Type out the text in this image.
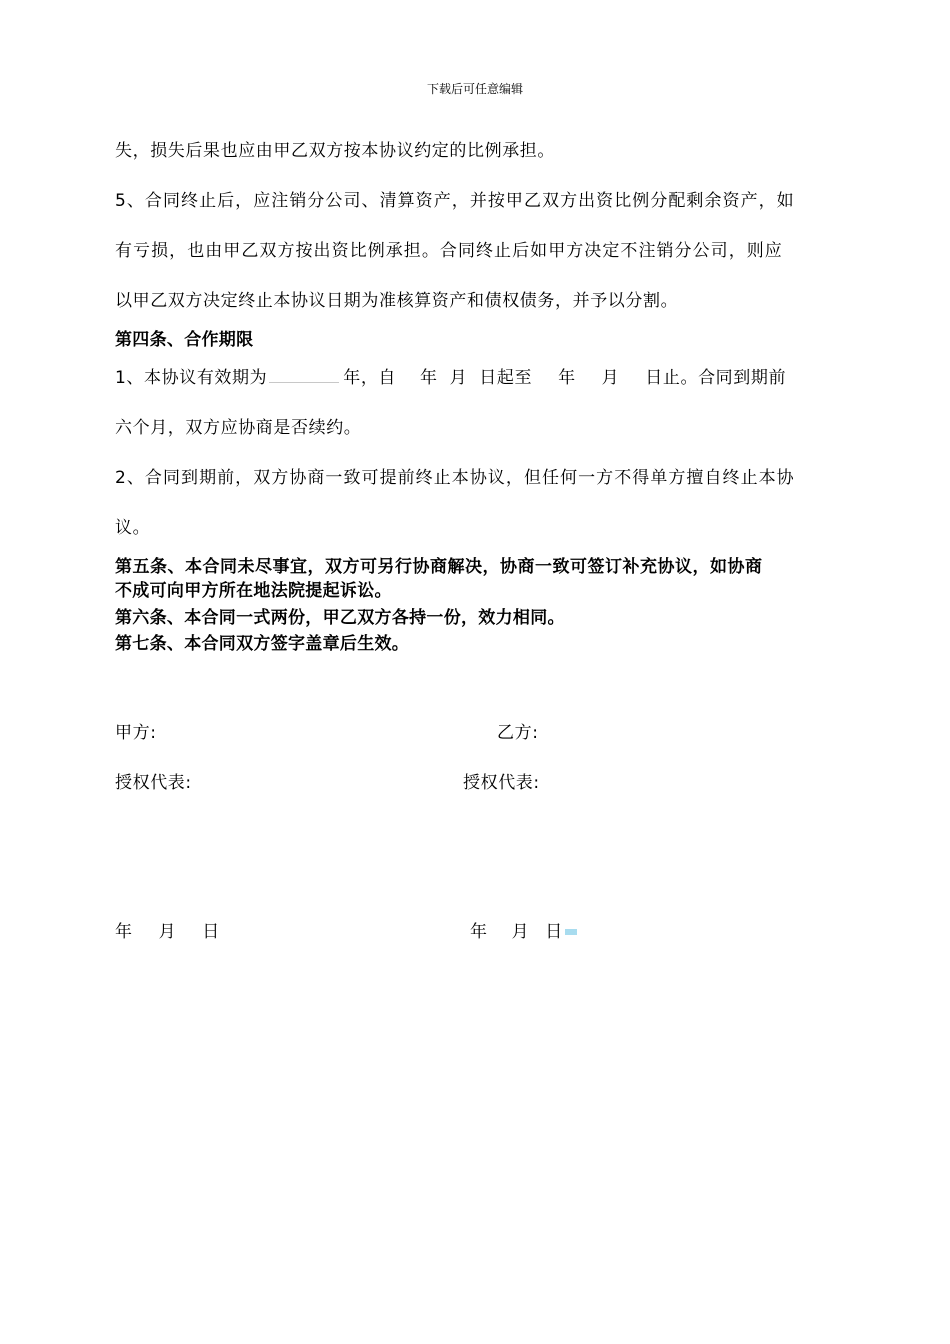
下载后可任意编辑
失，损失后果也应由甲乙双方按本协议约定的比例承担。
5、合同终止后，应注销分公司、清算资产，并按甲乙双方出资比例分配剩余资产，如
有亏损，也由甲乙双方按出资比例承担。合同终止后如甲方决定不注销分公司，则应
以甲乙双方决定终止本协议日期为准核算资产和债权债务，并予以分割。
第四条、合作期限
1、本协议有效期为	年，自 年 月 日起至 年 月 日止。合同到期前
六个月，双方应协商是否续约。
2、合同到期前，双方协商一致可提前终止本协议，但任何一方不得单方擅自终止本协
议。
第五条、本合同未尽事宜，双方可另行协商解决，协商一致可签订补充协议，如协商
不成可向甲方所在地法院提起诉讼。
第六条、本合同一式两份，甲乙双方各持一份，效力相同。
第七条、本合同双方签字盖章后生效。
甲方:	乙方:
授权代表:	授权代表:
年 月 日	年 月 日
